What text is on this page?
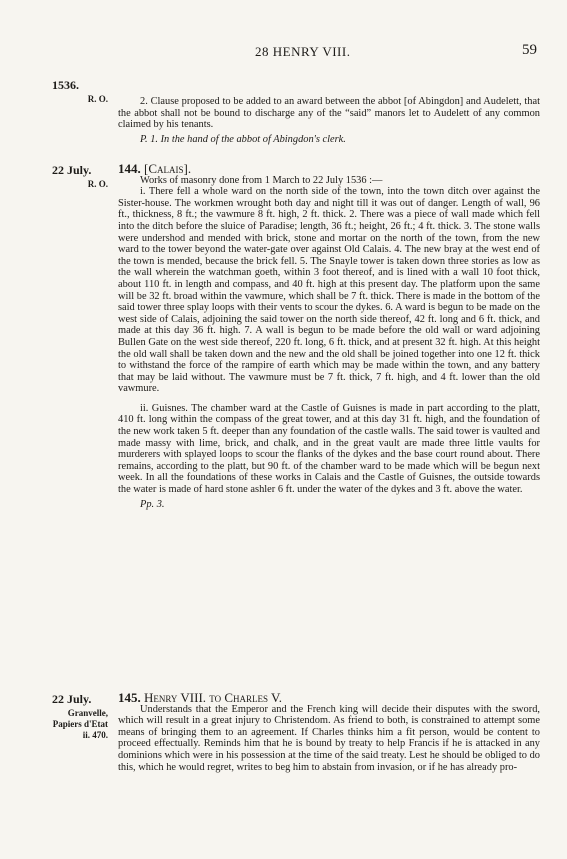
28 HENRY VIII.	59
1536.
R. O.	2. Clause proposed to be added to an award between the abbot [of Abingdon] and Audelett, that the abbot shall not be bound to discharge any of the “said” manors let to Audelett of any common claimed by his tenants.

P. 1. In the hand of the abbot of Abingdon's clerk.

22 July.
R. O.

144. [Calais].

Works of masonry done from 1 March to 22 July 1536 :—

i. There fell a whole ward on the north side of the town, into the town ditch over against the Sister-house. The workmen wrought both day and night till it was out of danger. Length of wall, 96 ft., thickness, 8 ft.; the vawmure 8 ft. high, 2 ft. thick. 2. There was a piece of wall made which fell into the ditch before the sluice of Paradise; length, 36 ft.; height, 26 ft.; 4 ft. thick. 3. The stone walls were undershod and mended with brick, stone and mortar on the north of the town, from the new ward to the tower beyond the water-gate over against Old Calais. 4. The new bray at the west end of the town is mended, because the brick fell. 5. The Snayle tower is taken down three stories as low as the wall wherein the watchman goeth, within 3 foot thereof, and is lined with a wall 10 foot thick, about 110 ft. in length and compass, and 40 ft. high at this present day. The platform upon the same will be 32 ft. broad within the vawmure, which shall be 7 ft. thick. There is made in the bottom of the said tower three splay loops with their vents to scour the dykes. 6. A ward is begun to be made on the west side of Calais, adjoining the said tower on the north side thereof, 42 ft. long and 6 ft. thick, and made at this day 36 ft. high. 7. A wall is begun to be made before the old wall or ward adjoining Bullen Gate on the west side thereof, 220 ft. long, 6 ft. thick, and at present 32 ft. high. At this height the old wall shall be taken down and the new and the old shall be joined together into one 12 ft. thick to withstand the force of the rampire of earth which may be made within the town, and any battery that may be laid without. The vawmure must be 7 ft. thick, 7 ft. high, and 4 ft. lower than the old vawmure.

ii. Guisnes. The chamber ward at the Castle of Guisnes is made in part according to the platt, 410 ft. long within the compass of the great tower, and at this day 31 ft. high, and the foundation of the new work taken 5 ft. deeper than any foundation of the castle walls. The said tower is vaulted and made massy with lime, brick, and chalk, and in the great vault are made three little vaults for murderers with splayed loops to scour the flanks of the dykes and the base court round about. There remains, according to the platt, but 90 ft. of the chamber ward to be made which will be begun next week. In all the foundations of these works in Calais and the Castle of Guisnes, the outside towards the water is made of hard stone ashler 6 ft. under the water of the dykes and 3 ft. above the water.

Pp. 3.

22 July.
Granvelle,
Papiers d'Etat
ii. 470.

145. Henry VIII. to Charles V.

Understands that the Emperor and the French king will decide their disputes with the sword, which will result in a great injury to Christendom. As friend to both, is constrained to attempt some means of bringing them to an agreement. If Charles thinks him a fit person, would be content to proceed effectually. Reminds him that he is bound by treaty to help Francis if he is attacked in any dominions which were in his possession at the time of the said treaty. Lest he should be obliged to do this, which he would regret, writes to beg him to abstain from invasion, or if he has already pro-
